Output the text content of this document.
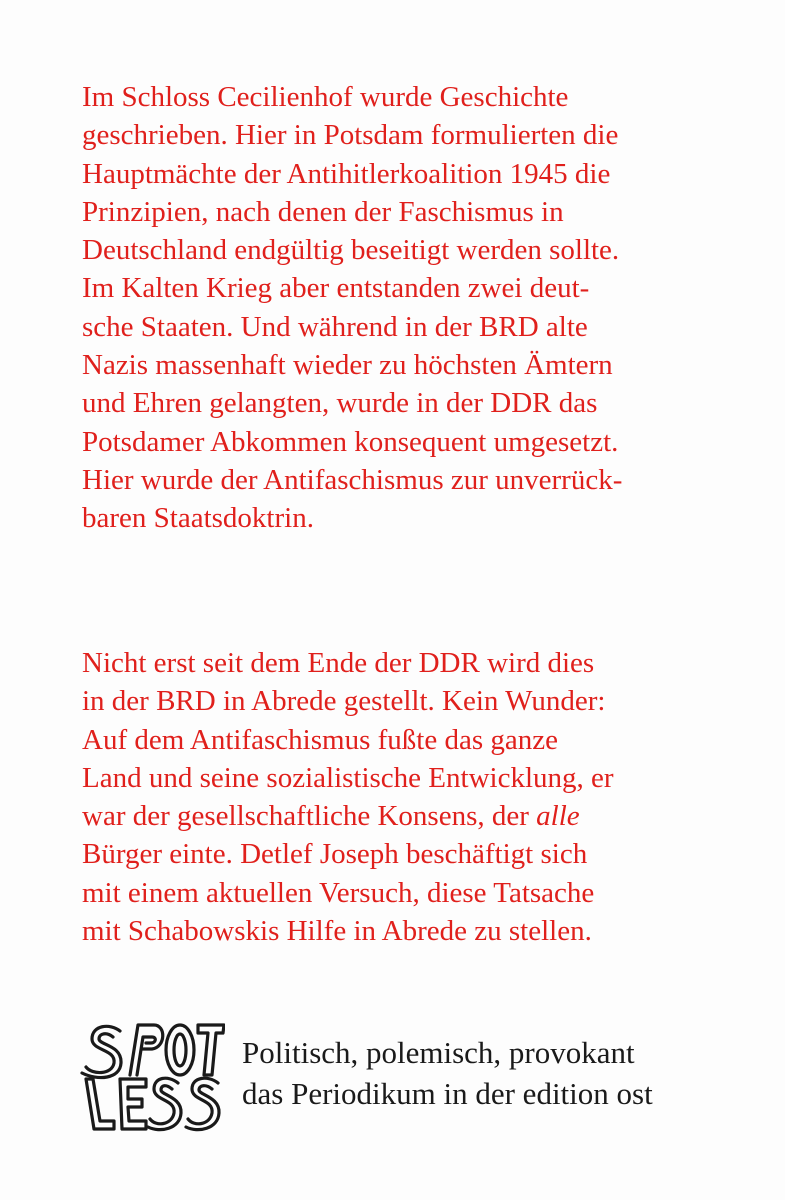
Im Schloss Cecilienhof wurde Geschichte
geschrieben. Hier in Potsdam formulierten die
Hauptmächte der Antihitlerkoalition 1945 die
Prinzipien, nach denen der Faschismus in
Deutschland endgültig beseitigt werden sollte.
Im Kalten Krieg aber entstanden zwei deut-
sche Staaten. Und während in der BRD alte
Nazis massenhaft wieder zu höchsten Ämtern
und Ehren gelangten, wurde in der DDR das
Potsdamer Abkommen konsequent umgesetzt.
Hier wurde der Antifaschismus zur unverrück-
baren Staatsdoktrin.
Nicht erst seit dem Ende der DDR wird dies
in der BRD in Abrede gestellt. Kein Wunder:
Auf dem Antifaschismus fußte das ganze
Land und seine sozialistische Entwicklung, er
war der gesellschaftliche Konsens, der alle
Bürger einte. Detlef Joseph beschäftigt sich
mit einem aktuellen Versuch, diese Tatsache
mit Schabowskis Hilfe in Abrede zu stellen.
SPOTLESS
Politisch, polemisch, provokant
das Periodikum in der edition ost
